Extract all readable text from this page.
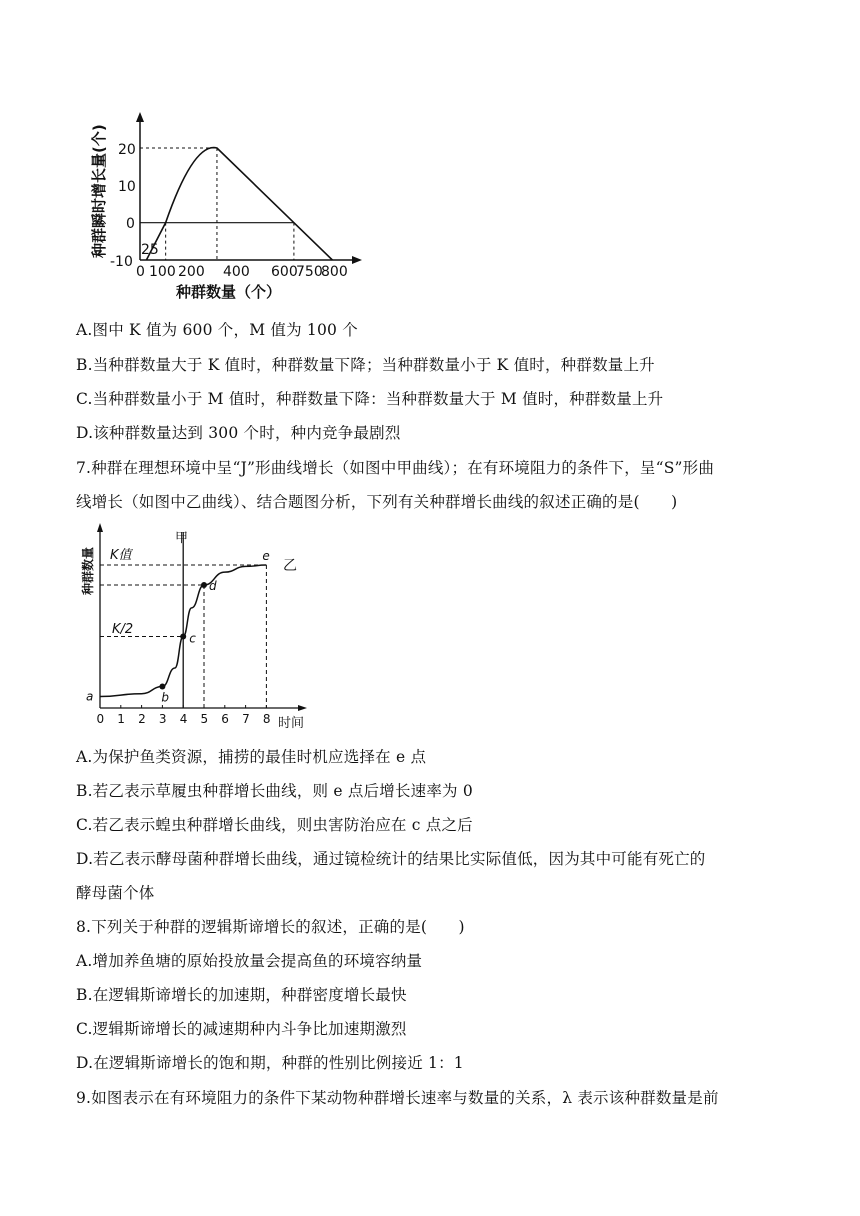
种群瞬时增长量(个) 20
10
0
25
-10
0 100 200 400 600
750
800
种群数量（个）
A.图中 K 值为 600 个，M 值为 100 个
B.当种群数量大于 K 值时，种群数量下降；当种群数量小于 K 值时，种群数量上升
C.当种群数量小于 M 值时，种群数量下降：当种群数量大于 M 值时，种群数量上升
D.该种群数量达到 300 个时，种内竞争最剧烈
7.种群在理想环境中呈“J”形曲线增长（如图中甲曲线）；在有环境阻力的条件下，呈“S”形曲
线增长（如图中乙曲线）、结合题图分析，下列有关种群增长曲线的叙述正确的是(　　)
种群数量
0 1 2 3 4 5 6 7 8
a	b
c
d
e
K值
K/2
甲
乙
时间
A.为保护鱼类资源，捕捞的最佳时机应选择在 e 点
B.若乙表示草履虫种群增长曲线，则 e 点后增长速率为 0
C.若乙表示蝗虫种群增长曲线，则虫害防治应在 c 点之后
D.若乙表示酵母菌种群增长曲线，通过镜检统计的结果比实际值低，因为其中可能有死亡的
酵母菌个体
8.下列关于种群的逻辑斯谛增长的叙述，正确的是(　　)
A.增加养鱼塘的原始投放量会提高鱼的环境容纳量
B.在逻辑斯谛增长的加速期，种群密度增长最快
C.逻辑斯谛增长的减速期种内斗争比加速期激烈
D.在逻辑斯谛增长的饱和期，种群的性别比例接近 1：1
9.如图表示在有环境阻力的条件下某动物种群增长速率与数量的关系，λ 表示该种群数量是前
